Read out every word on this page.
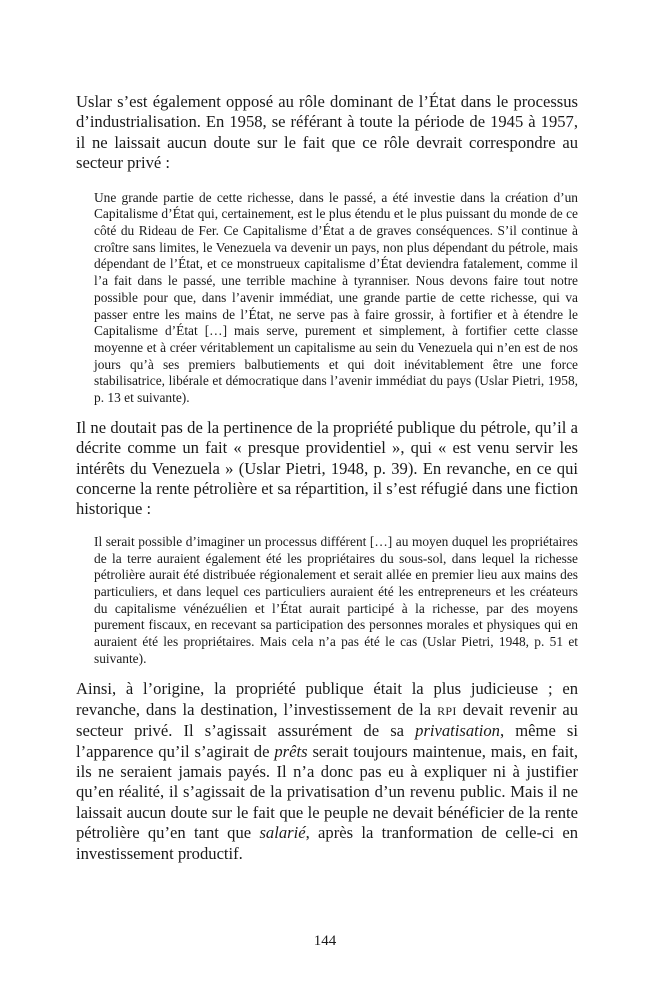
Uslar s’est également opposé au rôle dominant de l’État dans le processus d’industrialisation. En 1958, se référant à toute la période de 1945 à 1957, il ne laissait aucun doute sur le fait que ce rôle devrait correspondre au secteur privé :

Une grande partie de cette richesse, dans le passé, a été investie dans la création d’un Capitalisme d’État qui, certainement, est le plus étendu et le plus puissant du monde de ce côté du Rideau de Fer. Ce Capitalisme d’État a de graves conséquences. S’il continue à croître sans limites, le Venezuela va devenir un pays, non plus dépendant du pétrole, mais dépendant de l’État, et ce monstrueux capitalisme d’État deviendra fatalement, comme il l’a fait dans le passé, une terrible machine à tyranniser. Nous devons faire tout notre possible pour que, dans l’avenir immédiat, une grande partie de cette richesse, qui va passer entre les mains de l’État, ne serve pas à faire grossir, à fortifier et à étendre le Capitalisme d’État […] mais serve, purement et simplement, à fortifier cette classe moyenne et à créer véritablement un capitalisme au sein du Venezuela qui n’en est de nos jours qu’à ses premiers balbutiements et qui doit inévitablement être une force stabilisatrice, libérale et démocratique dans l’avenir immédiat du pays (Uslar Pietri, 1958, p. 13 et suivante).

Il ne doutait pas de la pertinence de la propriété publique du pétrole, qu’il a décrite comme un fait « presque providentiel », qui « est venu servir les intérêts du Venezuela » (Uslar Pietri, 1948, p. 39). En revanche, en ce qui concerne la rente pétrolière et sa répartition, il s’est réfugié dans une fiction historique :

Il serait possible d’imaginer un processus différent […] au moyen duquel les propriétaires de la terre auraient également été les propriétaires du sous-sol, dans lequel la richesse pétrolière aurait été distribuée régionalement et serait allée en premier lieu aux mains des particuliers, et dans lequel ces particuliers auraient été les entrepreneurs et les créateurs du capitalisme vénézuélien et l’État aurait participé à la richesse, par des moyens purement fiscaux, en recevant sa participation des personnes morales et physiques qui en auraient été les propriétaires. Mais cela n’a pas été le cas (Uslar Pietri, 1948, p. 51 et suivante).

Ainsi, à l’origine, la propriété publique était la plus judicieuse ; en revanche, dans la destination, l’investissement de la RPI devait revenir au secteur privé. Il s’agissait assurément de sa privatisation, même si l’apparence qu’il s’agirait de prêts serait toujours maintenue, mais, en fait, ils ne seraient jamais payés. Il n’a donc pas eu à expliquer ni à justifier qu’en réalité, il s’agissait de la privatisation d’un revenu public. Mais il ne laissait aucun doute sur le fait que le peuple ne devait bénéficier de la rente pétrolière qu’en tant que salarié, après la tranformation de celle-ci en investissement productif.

144
